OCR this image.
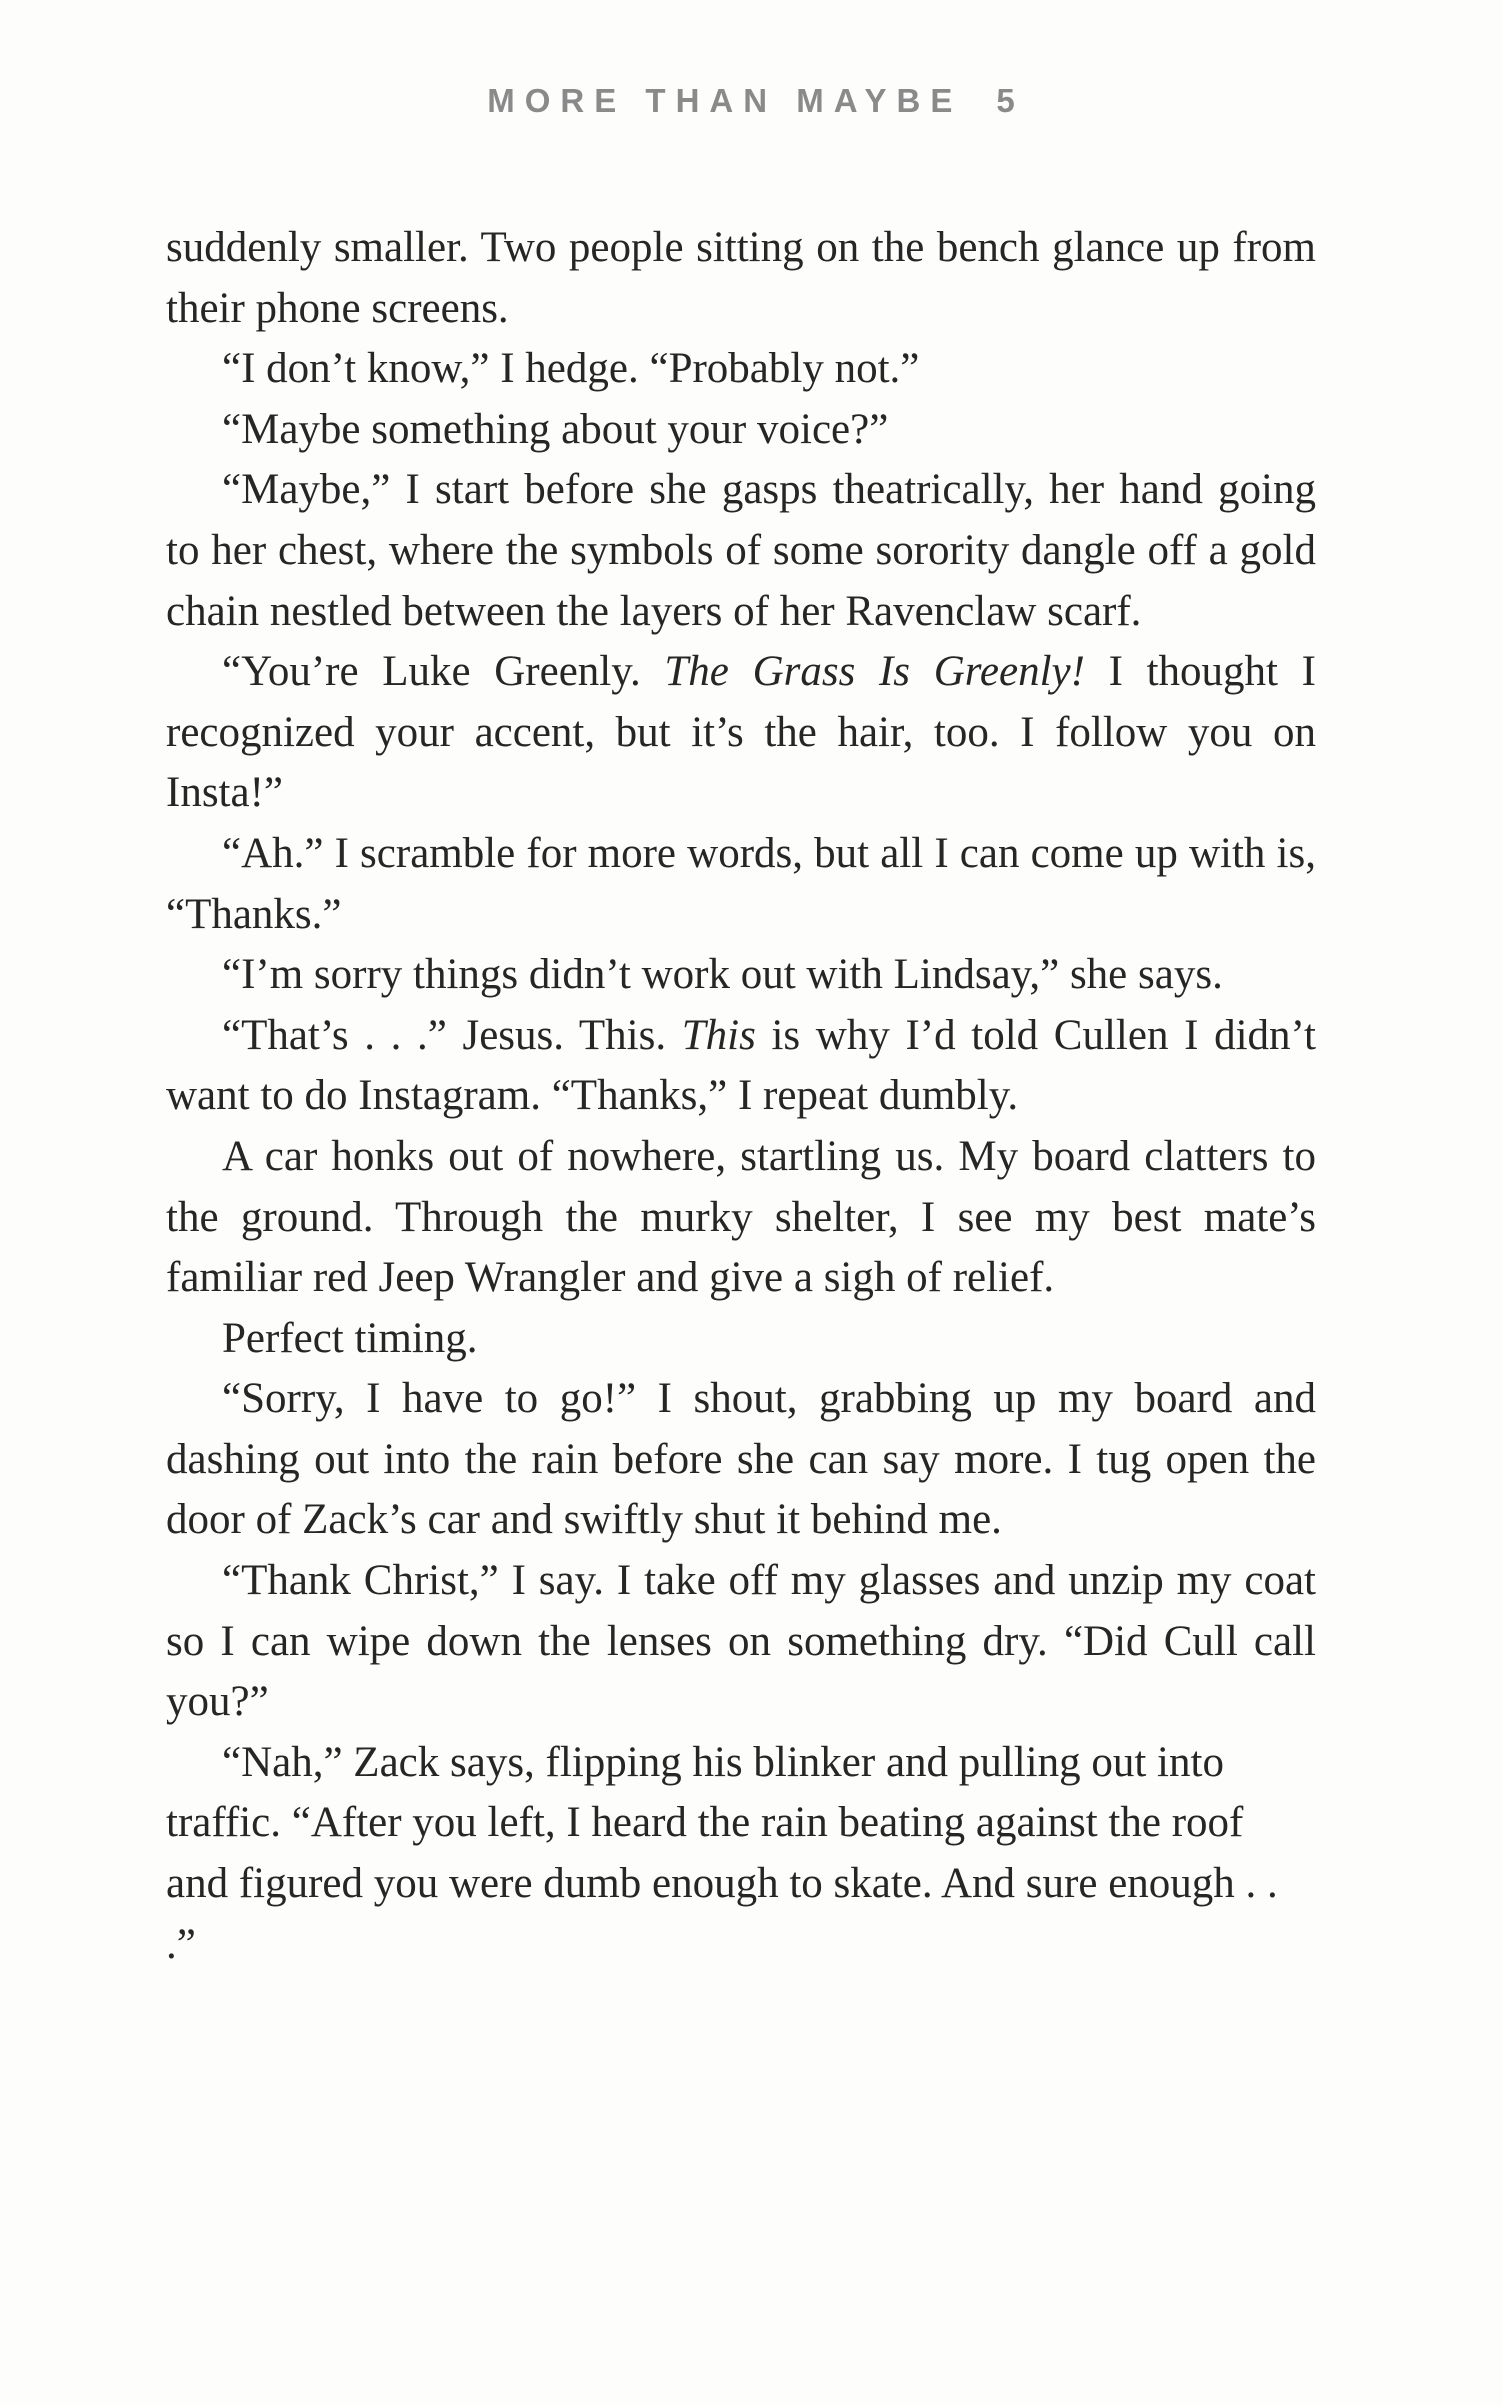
MORE THAN MAYBE 5

suddenly smaller. Two people sitting on the bench glance up from their phone screens.

“I don’t know,” I hedge. “Probably not.”

“Maybe something about your voice?”

“Maybe,” I start before she gasps theatrically, her hand going to her chest, where the symbols of some sorority dangle off a gold chain nestled between the layers of her Ravenclaw scarf.

“You’re Luke Greenly. The Grass Is Greenly! I thought I recognized your accent, but it’s the hair, too. I follow you on Insta!”

“Ah.” I scramble for more words, but all I can come up with is, “Thanks.”

“I’m sorry things didn’t work out with Lindsay,” she says.

“That’s . . .” Jesus. This. This is why I’d told Cullen I didn’t want to do Instagram. “Thanks,” I repeat dumbly.

A car honks out of nowhere, startling us. My board clatters to the ground. Through the murky shelter, I see my best mate’s familiar red Jeep Wrangler and give a sigh of relief.

Perfect timing.

“Sorry, I have to go!” I shout, grabbing up my board and dashing out into the rain before she can say more. I tug open the door of Zack’s car and swiftly shut it behind me.

“Thank Christ,” I say. I take off my glasses and unzip my coat so I can wipe down the lenses on something dry. “Did Cull call you?”

“Nah,” Zack says, flipping his blinker and pulling out into traffic. “After you left, I heard the rain beating against the roof and figured you were dumb enough to skate. And sure enough . . .”
